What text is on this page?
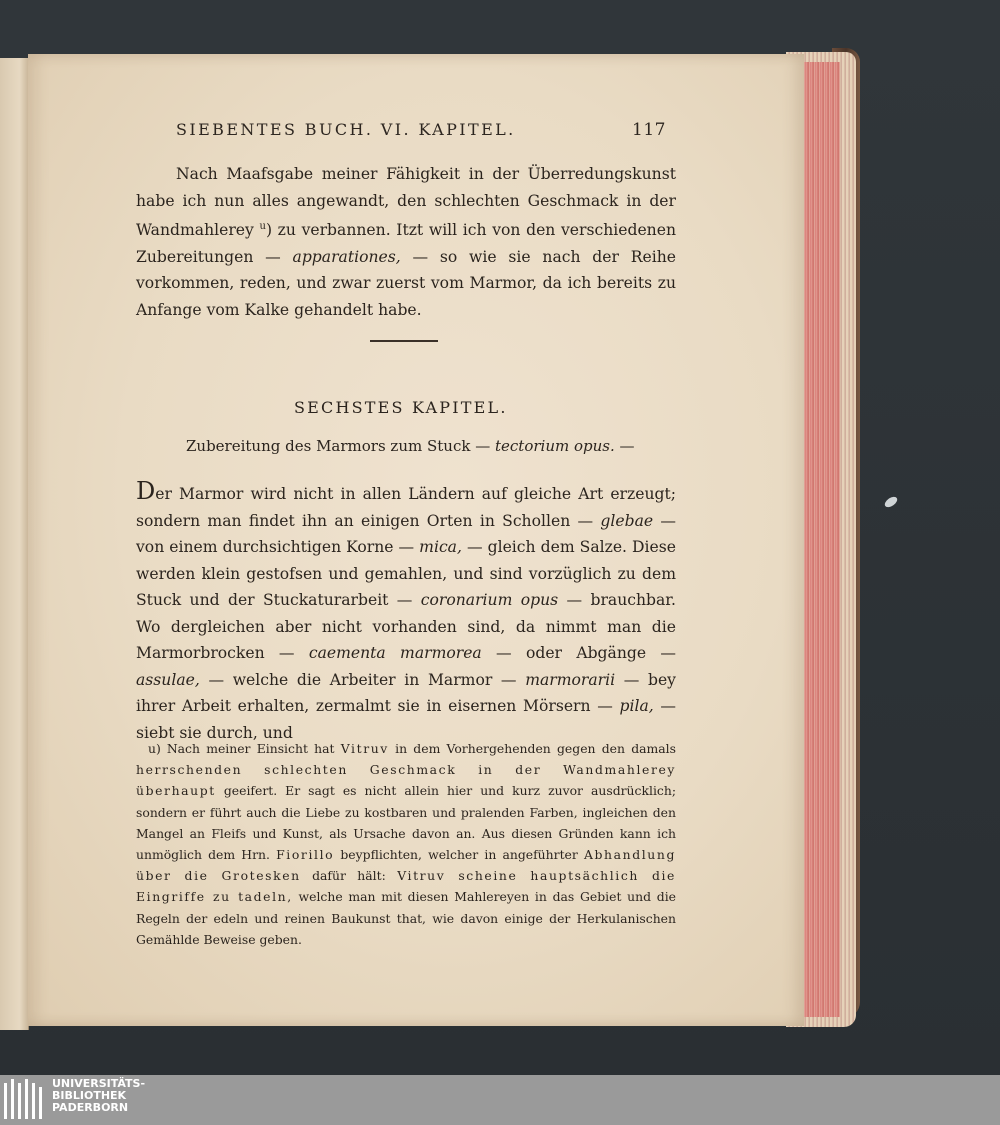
SIEBENTES BUCH. VI. KAPITEL.	117
Nach Maafsgabe meiner Fähigkeit in der Überredungskunst habe ich nun alles angewandt, den schlechten Geschmack in der Wandmahlerey $^u$) zu verbannen. Itzt will ich von den verschiedenen Zubereitungen — apparationes, — so wie sie nach der Reihe vorkommen, reden, und zwar zuerst vom Marmor, da ich bereits zu Anfange vom Kalke gehandelt habe.
SECHSTES KAPITEL.
Zubereitung des Marmors zum Stuck — tectorium opus. —
Der Marmor wird nicht in allen Ländern auf gleiche Art erzeugt; sondern man findet ihn an einigen Orten in Schollen — glebae — von einem durchsichtigen Korne — mica, — gleich dem Salze. Diese werden klein gestofsen und gemahlen, und sind vorzüglich zu dem Stuck und der Stuckaturarbeit — coronarium opus — brauchbar. Wo dergleichen aber nicht vorhanden sind, da nimmt man die Marmorbrocken — caementa marmorea — oder Abgänge — assulae, — welche die Arbeiter in Marmor — marmorarii — bey ihrer Arbeit erhalten, zermalmt sie in eisernen Mörsern — pila, — siebt sie durch, und
u) Nach meiner Einsicht hat Vitruv in dem Vorhergehenden gegen den damals herrschenden schlechten Geschmack in der Wandmahlerey überhaupt geeifert. Er sagt es nicht allein hier und kurz zuvor ausdrücklich; sondern er führt auch die Liebe zu kostbaren und pralenden Farben, ingleichen den Mangel an Fleifs und Kunst, als Ursache davon an. Aus diesen Gründen kann ich unmöglich dem Hrn. Fiorillo beypflichten, welcher in angeführter Abhandlung über die Grotesken dafür hält: Vitruv scheine hauptsächlich die Eingriffe zu tadeln, welche man mit diesen Mahlereyen in das Gebiet und die Regeln der edeln und reinen Baukunst that, wie davon einige der Herkulanischen Gemählde Beweise geben.
UNIVERSITÄTS-
BIBLIOTHEK
PADERBORN
